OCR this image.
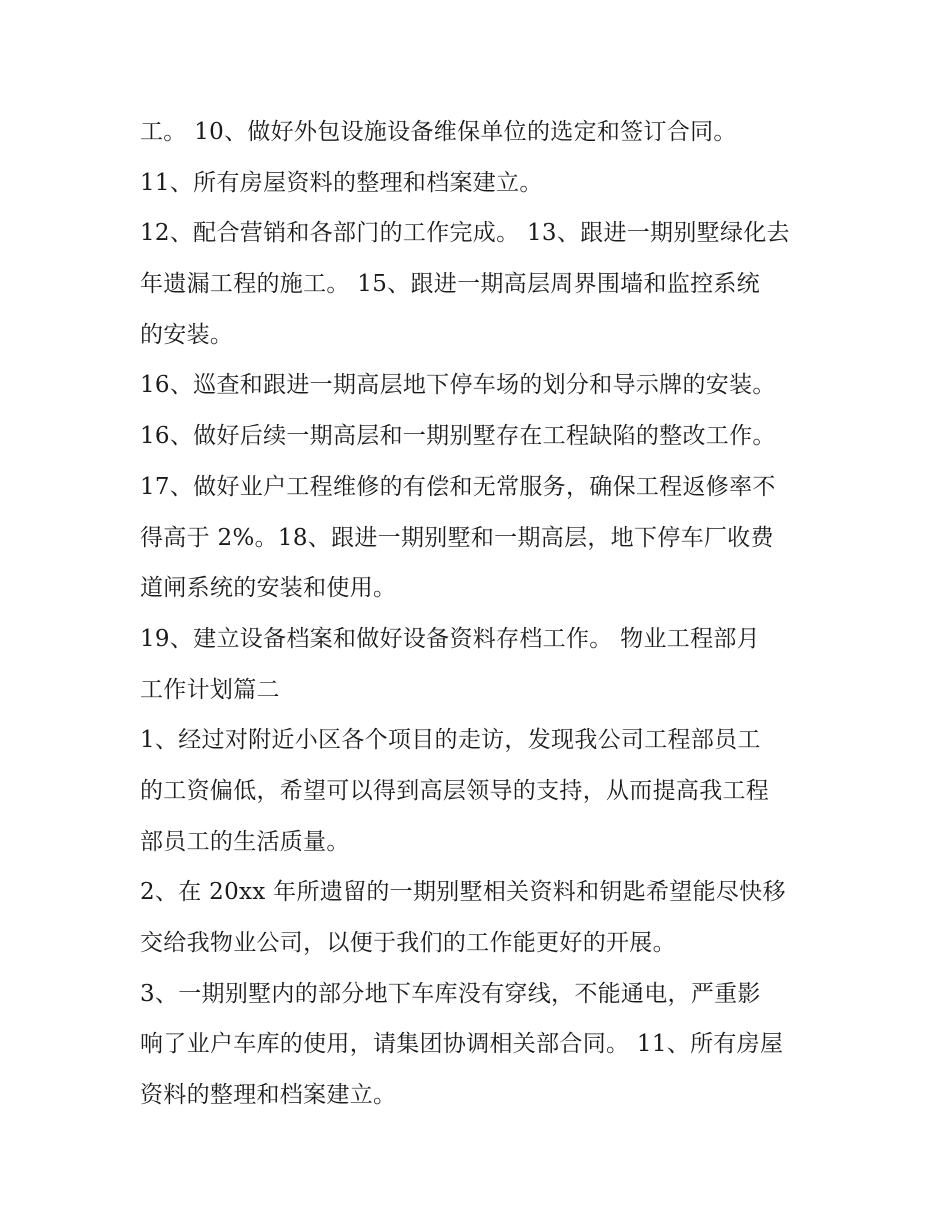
工。 10、做好外包设施设备维保单位的选定和签订合同。
11、所有房屋资料的整理和档案建立。
12、配合营销和各部门的工作完成。 13、跟进一期别墅绿化去
年遗漏工程的施工。 15、跟进一期高层周界围墙和监控系统
的安装。
16、巡查和跟进一期高层地下停车场的划分和导示牌的安装。
16、做好后续一期高层和一期别墅存在工程缺陷的整改工作。
17、做好业户工程维修的有偿和无常服务，确保工程返修率不
得高于 2%。18、跟进一期别墅和一期高层，地下停车厂收费
道闸系统的安装和使用。
19、建立设备档案和做好设备资料存档工作。 物业工程部月
工作计划篇二
1、经过对附近小区各个项目的走访，发现我公司工程部员工
的工资偏低，希望可以得到高层领导的支持，从而提高我工程
部员工的生活质量。
2、在 20xx 年所遗留的一期别墅相关资料和钥匙希望能尽快移
交给我物业公司，以便于我们的工作能更好的开展。
3、一期别墅内的部分地下车库没有穿线，不能通电，严重影
响了业户车库的使用，请集团协调相关部合同。 11、所有房屋
资料的整理和档案建立。
